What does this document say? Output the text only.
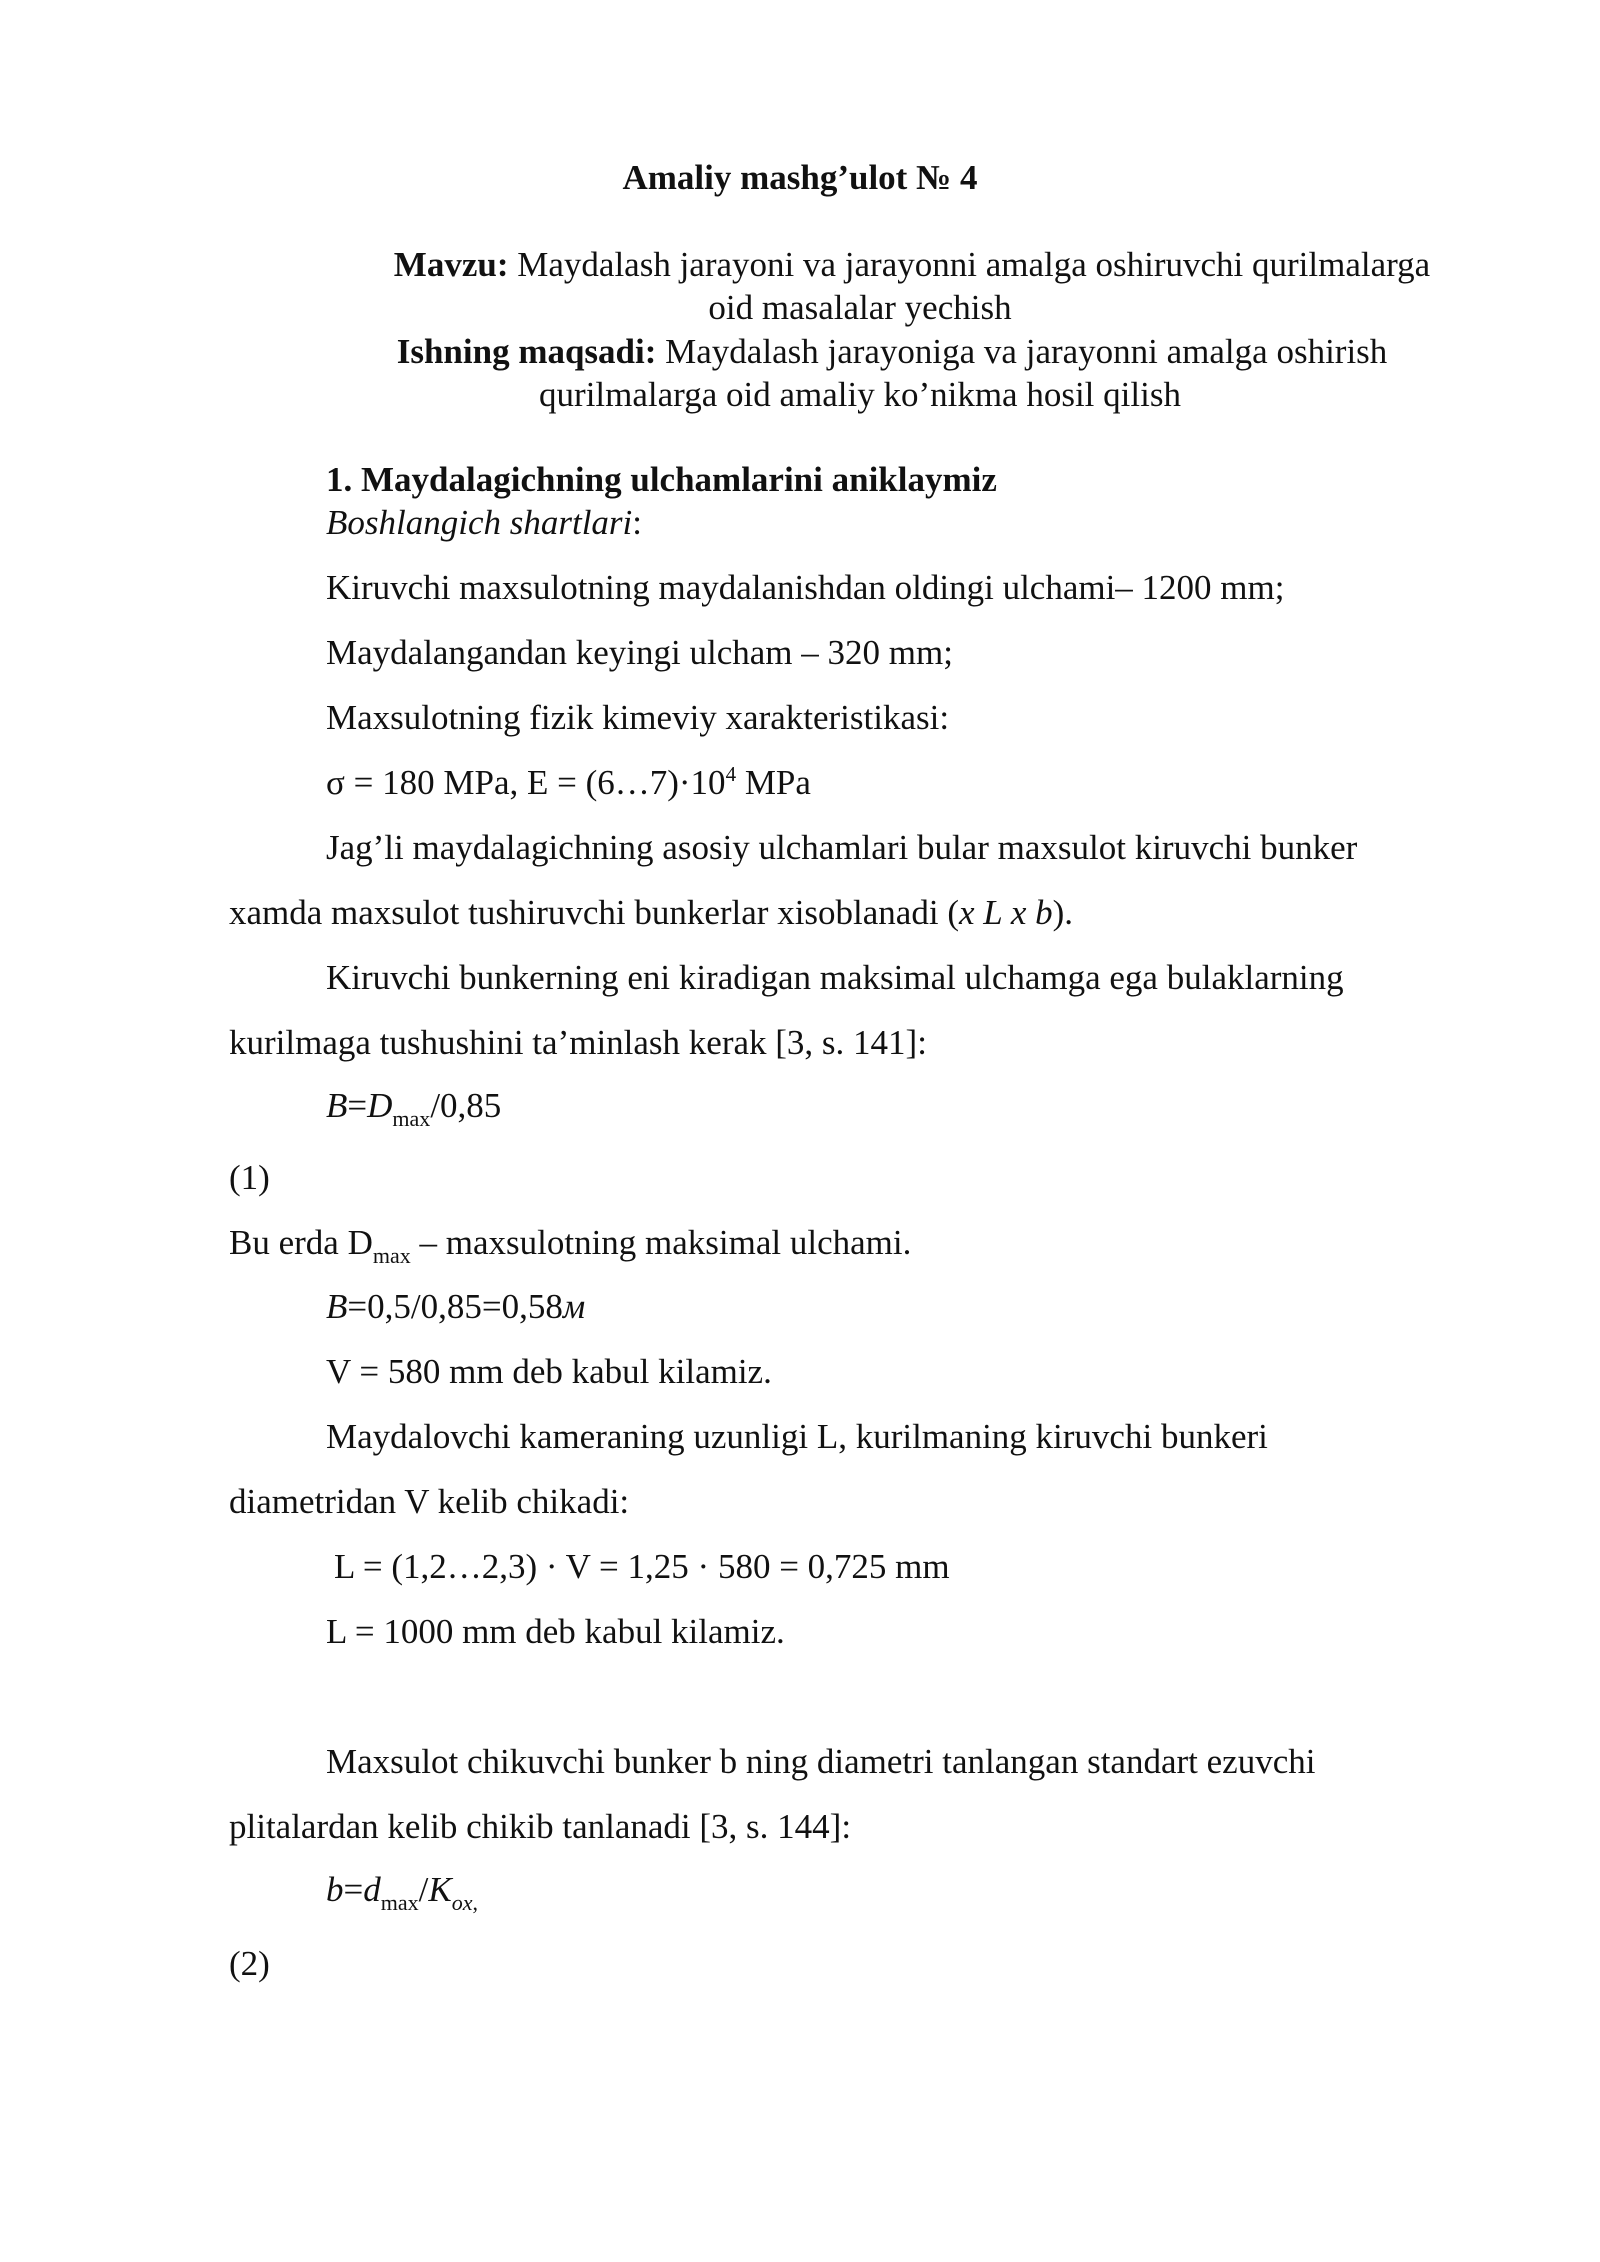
Amaliy mashg’ulot № 4
Mavzu: Maydalash jarayoni va jarayonni amalga oshiruvchi qurilmalarga
oid masalalar yechish
Ishning maqsadi: Maydalash jarayoniga va jarayonni amalga oshirish
qurilmalarga oid amaliy ko’nikma hosil qilish
1. Maydalagichning ulchamlarini aniklaymiz
Boshlangich shartlari:
Kiruvchi maxsulotning maydalanishdan oldingi ulchami– 1200 mm;
Maydalangandan keyingi ulcham – 320 mm;
Maxsulotning fizik kimeviy xarakteristikasi:
σ = 180 MPa, $E = (6\dots 7)\cdot 10^4$ MPa
Jag’li maydalagichning asosiy ulchamlari bular maxsulot kiruvchi bunker
xamda maxsulot tushiruvchi bunkerlar xisoblanadi (x L x b).
Kiruvchi bunkerning eni kiradigan maksimal ulchamga ega bulaklarning
kurilmaga tushushini ta’minlash kerak [3, s. 141]:
$B=D_{max}/0,85$
(1)
Bu erda $D_{max}$ – maxsulotning maksimal ulchami.
B=0,5/0,85=0,58м
V = 580 mm deb kabul kilamiz.
Maydalovchi kameraning uzunligi L, kurilmaning kiruvchi bunkeri
diametridan V kelib chikadi:
L = (1,2…2,3) · V = 1,25 · 580 = 0,725 mm
L = 1000 mm deb kabul kilamiz.
Maxsulot chikuvchi bunker b ning diametri tanlangan standart ezuvchi
plitalardan kelib chikib tanlanadi [3, s. 144]:
$b=d_{max}/K_{ox,}$
(2)
